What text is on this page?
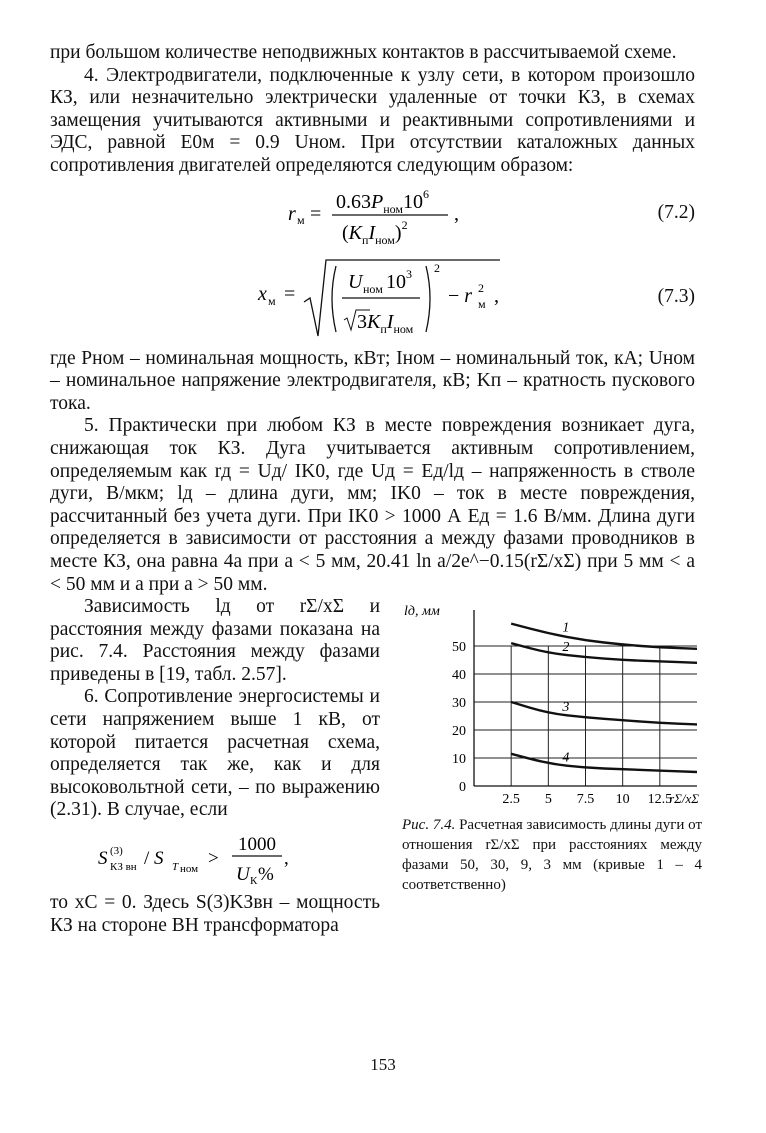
при большом количестве неподвижных контактов в рассчитываемой схеме.

4. Электродвигатели, подключенные к узлу сети, в котором произошло КЗ, или незначительно электрически удаленные от точки КЗ, в схемах замещения учитываются активными и реактивными сопротивлениями и ЭДС, равной E0м = 0.9 Uном. При отсутствии каталожных данных сопротивления двигателей определяются следующим образом:

r м =
$0.63P_{ном}10^6$
$(K_пI_{ном})^2$ ,	(7.2)
x м =
U ном 10 3
$3K_пI_{ном}$
2
− r 2
м ,	(7.3)

где Pном – номинальная мощность, кВт; Iном – номинальный ток, кА; Uном – номинальное напряжение электродвигателя, кВ; Kп – кратность пускового тока.

5. Практически при любом КЗ в месте повреждения возникает дуга, снижающая ток КЗ. Дуга учитывается активным сопротивлением, определяемым как rд = Uд/ IK0, где Uд = Eд/lд – напряженность в стволе дуги, В/мкм; lд – длина дуги, мм; IK0 – ток в месте повреждения, рассчитанный без учета дуги. При IK0 > 1000 А Eд = 1.6 В/мм. Длина дуги определяется в зависимости от расстояния a между фазами проводников в месте КЗ, она равна 4a при a < 5 мм, 20.41 ln a/2e^−0.15(rΣ/xΣ) при 5 мм < a < 50 мм и a при a > 50 мм.

Зависимость lд от rΣ/xΣ и расстояния между фазами показана на рис. 7.4. Расстояния между фазами приведены в [19, табл. 2.57].

6. Сопротивление энергосистемы и сети напряжением выше 1 кВ, от которой питается расчетная схема, определяется так же, как и для высоковольтной сети, – по выражению (2.31). В случае, если

S (3)
КЗ вн / S T ном >
1000
U К %
,

то xC = 0. Здесь S(3)KЗвн – мощность КЗ на стороне ВН трансформатора

0
10
20
30
40
50
2.5 5 7.5 10 12.5
lд, мм
rΣ/xΣ
1
2
3
4
Рис. 7.4. Расчетная зависимость длины дуги от отношения rΣ/xΣ при расстояниях между фазами 50, 30, 9, 3 мм (кривые 1 – 4 соответственно)
153
